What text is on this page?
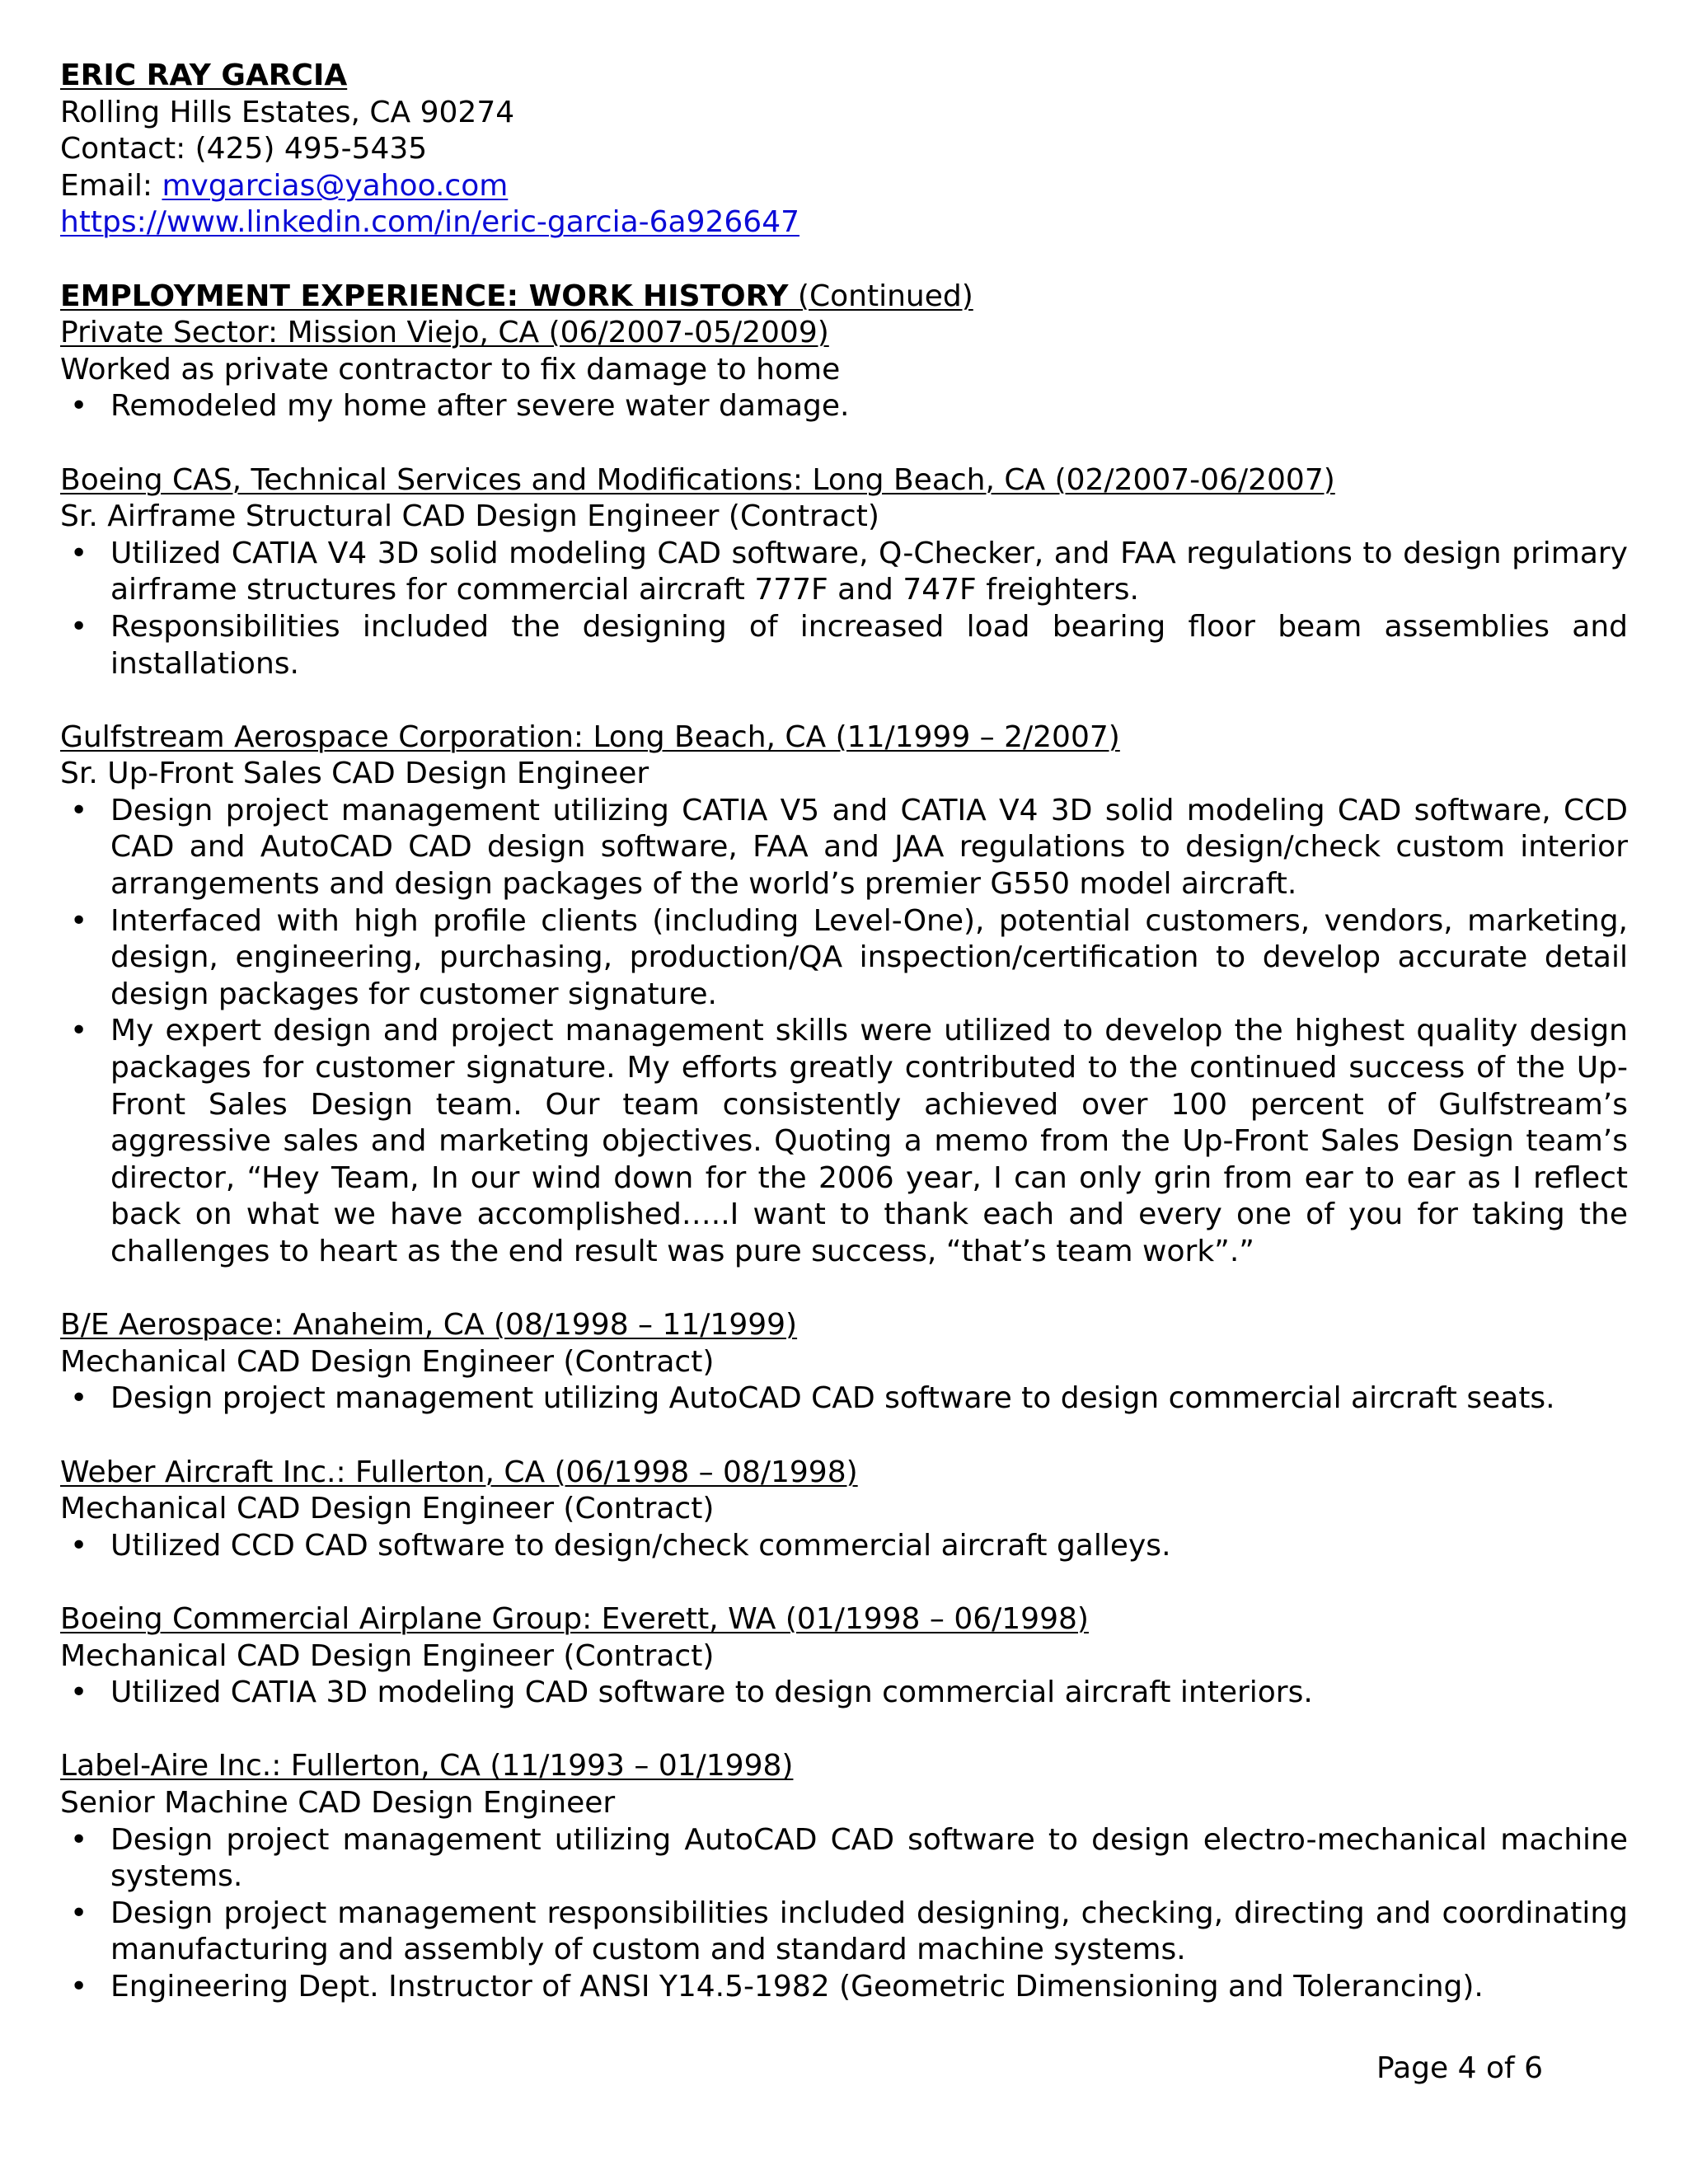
ERIC RAY GARCIA
Rolling Hills Estates, CA 90274
Contact: (425) 495-5435
Email: mvgarcias@yahoo.com
https://www.linkedin.com/in/eric-garcia-6a926647
EMPLOYMENT EXPERIENCE: WORK HISTORY (Continued)
Private Sector: Mission Viejo, CA (06/2007-05/2009)
Worked as private contractor to fix damage to home
• Remodeled my home after severe water damage.
Boeing CAS, Technical Services and Modifications: Long Beach, CA (02/2007-06/2007)
Sr. Airframe Structural CAD Design Engineer (Contract)
• Utilized CATIA V4 3D solid modeling CAD software, Q-Checker, and FAA regulations to design primary airframe structures for commercial aircraft 777F and 747F freighters.
• Responsibilities included the designing of increased load bearing floor beam assemblies and installations.
Gulfstream Aerospace Corporation: Long Beach, CA (11/1999 – 2/2007)
Sr. Up-Front Sales CAD Design Engineer
• Design project management utilizing CATIA V5 and CATIA V4 3D solid modeling CAD software, CCD CAD and AutoCAD CAD design software, FAA and JAA regulations to design/check custom interior arrangements and design packages of the world’s premier G550 model aircraft.
• Interfaced with high profile clients (including Level-One), potential customers, vendors, marketing, design, engineering, purchasing, production/QA inspection/certification to develop accurate detail design packages for customer signature.
• My expert design and project management skills were utilized to develop the highest quality design packages for customer signature. My efforts greatly contributed to the continued success of the Up-Front Sales Design team. Our team consistently achieved over 100 percent of Gulfstream’s aggressive sales and marketing objectives. Quoting a memo from the Up-Front Sales Design team’s director, “Hey Team, In our wind down for the 2006 year, I can only grin from ear to ear as I reflect back on what we have accomplished…..I want to thank each and every one of you for taking the challenges to heart as the end result was pure success, “that’s team work”.”
B/E Aerospace: Anaheim, CA (08/1998 – 11/1999)
Mechanical CAD Design Engineer (Contract)
• Design project management utilizing AutoCAD CAD software to design commercial aircraft seats.
Weber Aircraft Inc.: Fullerton, CA (06/1998 – 08/1998)
Mechanical CAD Design Engineer (Contract)
• Utilized CCD CAD software to design/check commercial aircraft galleys.
Boeing Commercial Airplane Group: Everett, WA (01/1998 – 06/1998)
Mechanical CAD Design Engineer (Contract)
• Utilized CATIA 3D modeling CAD software to design commercial aircraft interiors.
Label-Aire Inc.: Fullerton, CA (11/1993 – 01/1998)
Senior Machine CAD Design Engineer
• Design project management utilizing AutoCAD CAD software to design electro-mechanical machine systems.
• Design project management responsibilities included designing, checking, directing and coordinating manufacturing and assembly of custom and standard machine systems.
• Engineering Dept. Instructor of ANSI Y14.5-1982 (Geometric Dimensioning and Tolerancing).
Page 4 of 6
